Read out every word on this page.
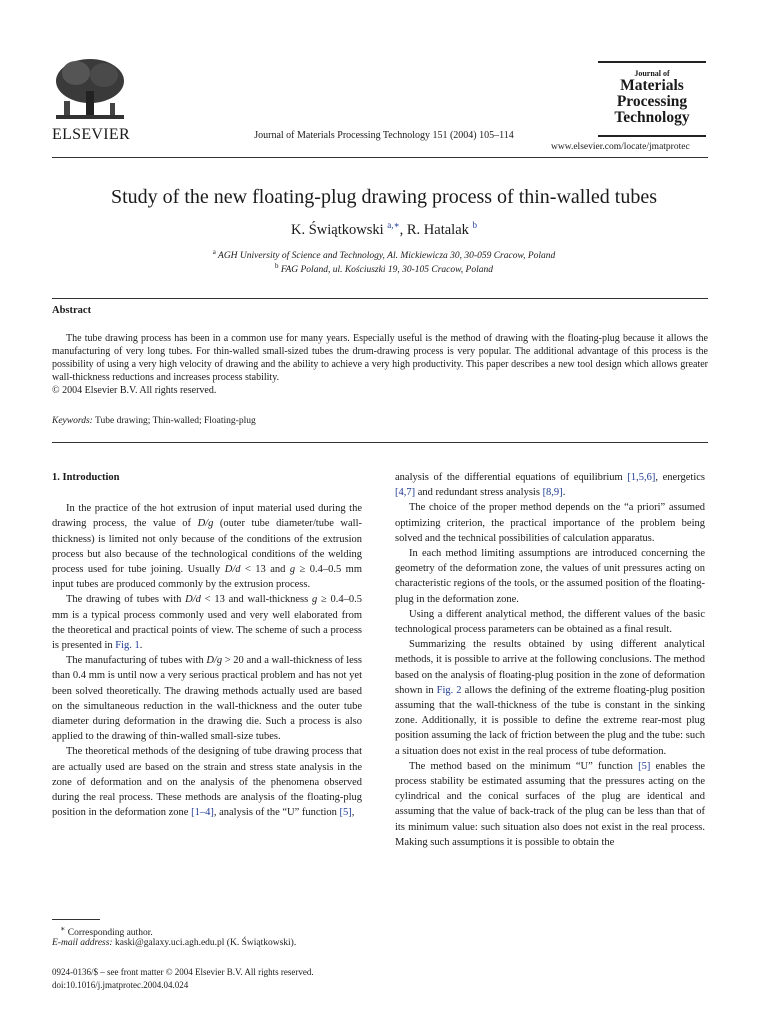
ELSEVIER	Journal of Materials Processing Technology 151 (2004) 105–114
Journal of
Materials
Processing
Technology
www.elsevier.com/locate/jmatprotec
Study of the new floating-plug drawing process of thin-walled tubes
K. Świątkowski $^{a,∗}$, R. Hatalak $^b$
$^a$ AGH University of Science and Technology, Al. Mickiewicza 30, 30-059 Cracow, Poland
$^b$ FAG Poland, ul. Kościuszki 19, 30-105 Cracow, Poland
Abstract

The tube drawing process has been in a common use for many years. Especially useful is the method of drawing with the floating-plug because it allows the manufacturing of very long tubes. For thin-walled small-sized tubes the drum-drawing process is very popular. The additional advantage of this process is the possibility of using a very high velocity of drawing and the ability to achieve a very high productivity. This paper describes a new tool design which allows greater wall-thickness reductions and increases process stability.

© 2004 Elsevier B.V. All rights reserved.

Keywords: Tube drawing; Thin-walled; Floating-plug
1. Introduction

In the practice of the hot extrusion of input material used during the drawing process, the value of D/g (outer tube diameter/tube wall-thickness) is limited not only because of the conditions of the extrusion process but also because of the technological conditions of the welding process used for tube joining. Usually D/d < 13 and g ≥ 0.4–0.5 mm input tubes are produced commonly by the extrusion process.

The drawing of tubes with D/d < 13 and wall-thickness g ≥ 0.4–0.5 mm is a typical process commonly used and very well elaborated from the theoretical and practical points of view. The scheme of such a process is presented in Fig. 1.

The manufacturing of tubes with D/g > 20 and a wall-thickness of less than 0.4 mm is until now a very serious practical problem and has not yet been solved theoretically. The drawing methods actually used are based on the simultaneous reduction in the wall-thickness and the outer tube diameter during deformation in the drawing die. Such a process is also applied to the drawing of thin-walled small-size tubes.

The theoretical methods of the designing of tube drawing process that are actually used are based on the strain and stress state analysis in the zone of deformation and on the analysis of the phenomena observed during the real process. These methods are analysis of the floating-plug position in the deformation zone [1–4], analysis of the “U” function [5],

analysis of the differential equations of equilibrium [1,5,6], energetics [4,7] and redundant stress analysis [8,9].

The choice of the proper method depends on the “a priori” assumed optimizing criterion, the practical importance of the problem being solved and the technical possibilities of calculation apparatus.

In each method limiting assumptions are introduced concerning the geometry of the deformation zone, the values of unit pressures acting on characteristic regions of the tools, or the assumed position of the floating-plug in the deformation zone.

Using a different analytical method, the different values of the basic technological process parameters can be obtained as a final result.

Summarizing the results obtained by using different analytical methods, it is possible to arrive at the following conclusions. The method based on the analysis of floating-plug position in the zone of deformation shown in Fig. 2 allows the defining of the extreme floating-plug position assuming that the wall-thickness of the tube is constant in the sinking zone. Additionally, it is possible to define the extreme rear-most plug position assuming the lack of friction between the plug and the tube: such a situation does not exist in the real process of tube deformation.

The method based on the minimum “U” function [5] enables the process stability be estimated assuming that the pressures acting on the cylindrical and the conical surfaces of the plug are identical and assuming that the value of back-track of the plug can be less than that of its minimum value: such situation also does not exist in the real process. Making such assumptions it is possible to obtain the

∗ Corresponding author.
E-mail address: kaski@galaxy.uci.agh.edu.pl (K. Świątkowski).
0924-0136/$ – see front matter © 2004 Elsevier B.V. All rights reserved.
doi:10.1016/j.jmatprotec.2004.04.024
